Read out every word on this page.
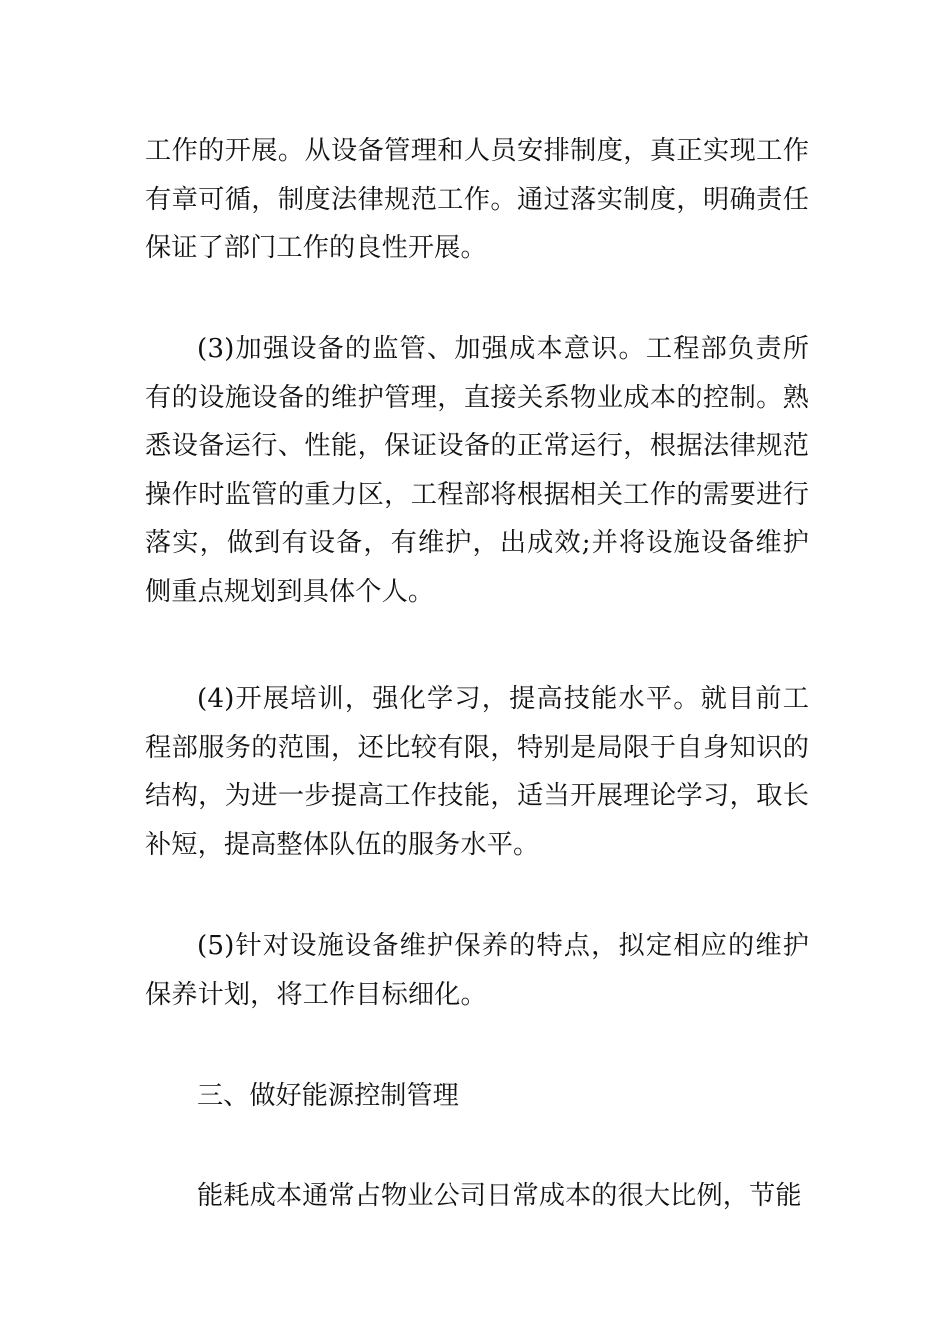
工作的开展。从设备管理和人员安排制度，真正实现工作有章可循，制度法律规范工作。通过落实制度，明确责任保证了部门工作的良性开展。

(3)加强设备的监管、加强成本意识。工程部负责所有的设施设备的维护管理，直接关系物业成本的控制。熟悉设备运行、性能，保证设备的正常运行，根据法律规范操作时监管的重力区，工程部将根据相关工作的需要进行落实，做到有设备，有维护，出成效;并将设施设备维护侧重点规划到具体个人。

(4)开展培训，强化学习，提高技能水平。就目前工程部服务的范围，还比较有限，特别是局限于自身知识的结构，为进一步提高工作技能，适当开展理论学习，取长补短，提高整体队伍的服务水平。

(5)针对设施设备维护保养的特点，拟定相应的维护保养计划，将工作目标细化。

三、做好能源控制管理

能耗成本通常占物业公司日常成本的很大比例，节能
